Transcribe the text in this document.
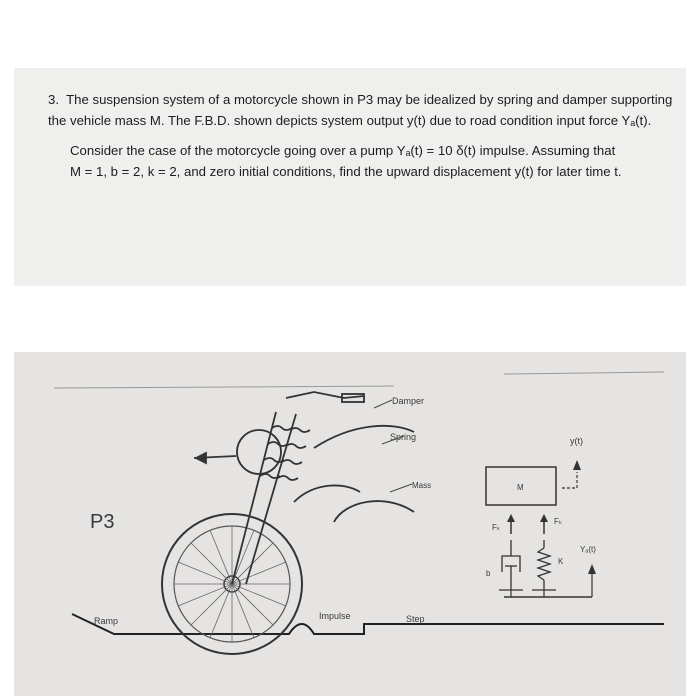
3. The suspension system of a motorcycle shown in P3 may be idealized by spring and damper supporting the vehicle mass M. The F.B.D. shown depicts system output y(t) due to road condition input force Yₐ(t).

Consider the case of the motorcycle going over a pump Yₐ(t) = 10 δ(t) impulse. Assuming that

M = 1, b = 2, k = 2, and zero initial conditions, find the upward displacement y(t) for later time t.

P3
Ramp	Impulse	Step
Damper
Spring
Mass	M
y(t)
Fₖ
Fₖ
b
K
Yₐ(t)
